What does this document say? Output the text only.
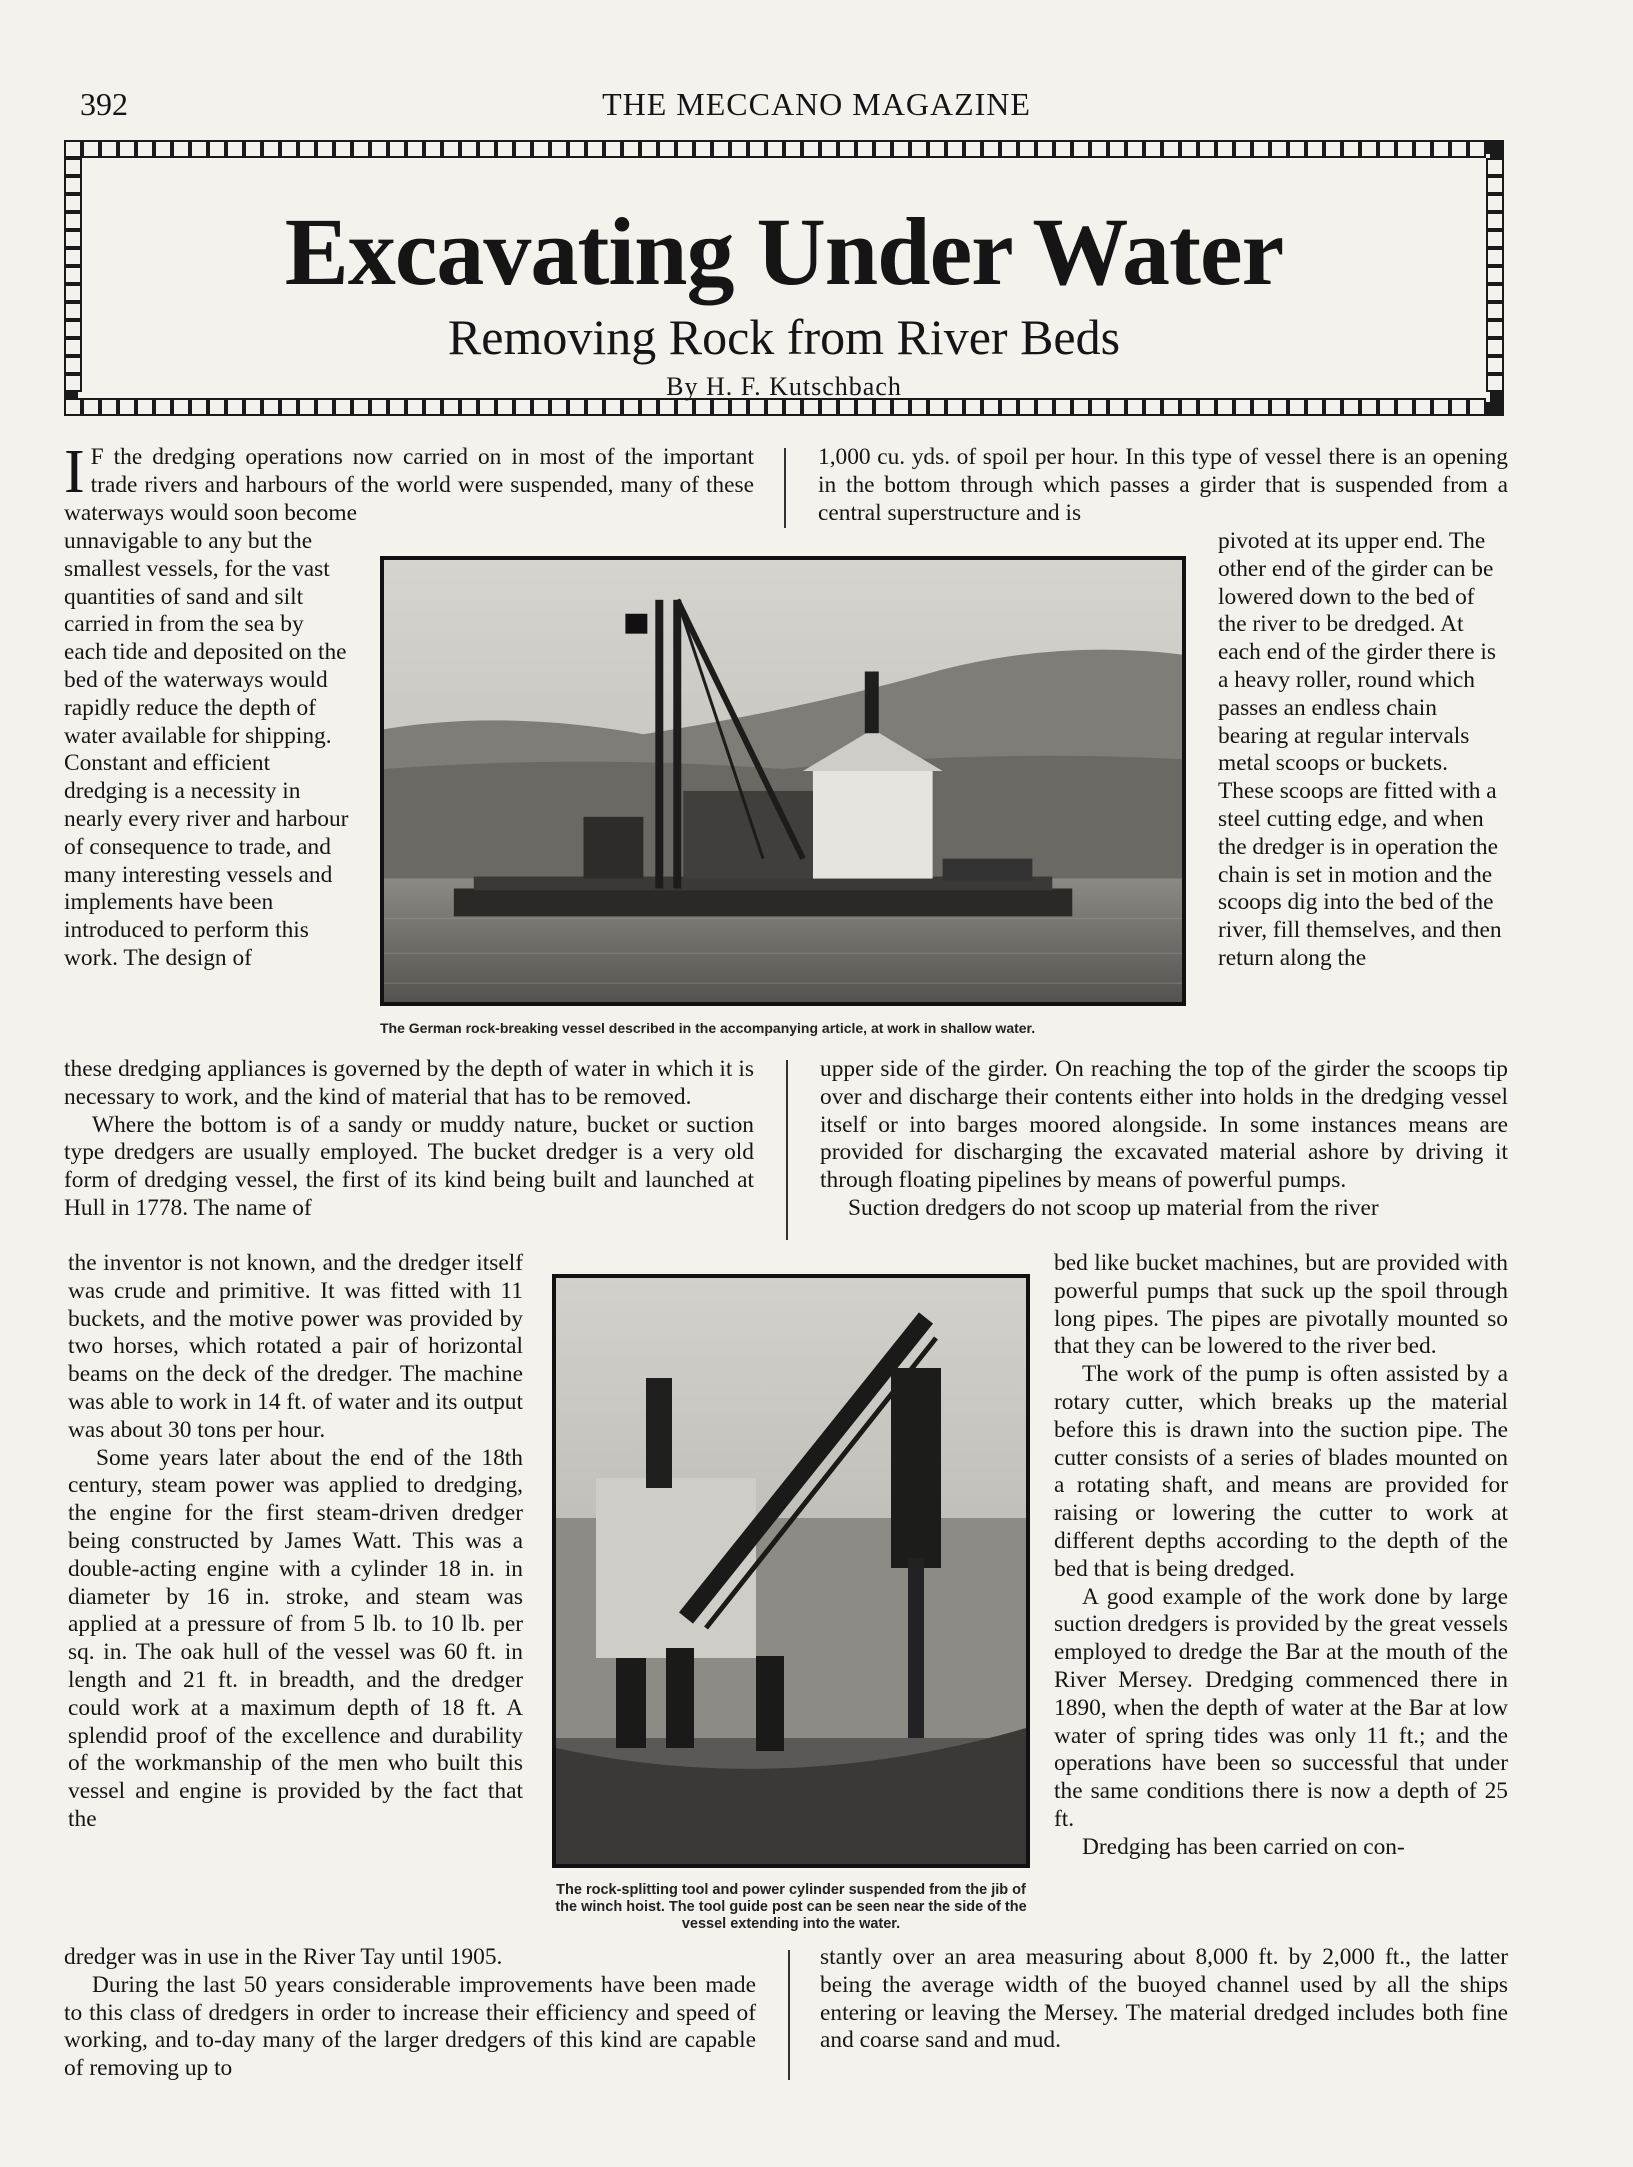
392	THE MECCANO MAGAZINE
Excavating Under Water
Removing Rock from River Beds
By H. F. Kutschbach

I F the dredging operations now carried on in most of the important trade rivers and harbours of the world were suspended, many of these waterways would soon become

unnavigable to any but the smallest vessels, for the vast quantities of sand and silt carried in from the sea by each tide and deposited on the bed of the waterways would rapidly reduce the depth of water available for shipping. Constant and efficient dredging is a necessity in nearly every river and harbour of consequence to trade, and many interesting vessels and implements have been introduced to perform this work. The design of

these dredging appliances is governed by the depth of water in which it is necessary to work, and the kind of material that has to be removed.

Where the bottom is of a sandy or muddy nature, bucket or suction type dredgers are usually employed. The bucket dredger is a very old form of dredging vessel, the first of its kind being built and launched at Hull in 1778. The name of

the inventor is not known, and the dredger itself was crude and primitive. It was fitted with 11 buckets, and the motive power was provided by two horses, which rotated a pair of horizontal beams on the deck of the dredger. The machine was able to work in 14 ft. of water and its output was about 30 tons per hour.

Some years later about the end of the 18th century, steam power was applied to dredging, the engine for the first steam-driven dredger being constructed by James Watt. This was a double-acting engine with a cylinder 18 in. in diameter by 16 in. stroke, and steam was applied at a pressure of from 5 lb. to 10 lb. per sq. in. The oak hull of the vessel was 60 ft. in length and 21 ft. in breadth, and the dredger could work at a maximum depth of 18 ft. A splendid proof of the excellence and durability of the workmanship of the men who built this vessel and engine is provided by the fact that the

dredger was in use in the River Tay until 1905.

During the last 50 years considerable improvements have been made to this class of dredgers in order to increase their efficiency and speed of working, and to-day many of the larger dredgers of this kind are capable of removing up to

1,000 cu. yds. of spoil per hour. In this type of vessel there is an opening in the bottom through which passes a girder that is suspended from a central superstructure and is

pivoted at its upper end. The other end of the girder can be lowered down to the bed of the river to be dredged. At each end of the girder there is a heavy roller, round which passes an endless chain bearing at regular intervals metal scoops or buckets. These scoops are fitted with a steel cutting edge, and when the dredger is in operation the chain is set in motion and the scoops dig into the bed of the river, fill themselves, and then return along the

upper side of the girder. On reaching the top of the girder the scoops tip over and discharge their contents either into holds in the dredging vessel itself or into barges moored alongside. In some instances means are provided for discharging the excavated material ashore by driving it through floating pipelines by means of powerful pumps.

Suction dredgers do not scoop up material from the river

bed like bucket machines, but are provided with powerful pumps that suck up the spoil through long pipes. The pipes are pivotally mounted so that they can be lowered to the river bed.

The work of the pump is often assisted by a rotary cutter, which breaks up the material before this is drawn into the suction pipe. The cutter consists of a series of blades mounted on a rotating shaft, and means are provided for raising or lowering the cutter to work at different depths according to the depth of the bed that is being dredged.

A good example of the work done by large suction dredgers is provided by the great vessels employed to dredge the Bar at the mouth of the River Mersey. Dredging commenced there in 1890, when the depth of water at the Bar at low water of spring tides was only 11 ft.; and the operations have been so successful that under the same conditions there is now a depth of 25 ft.

Dredging has been carried on con-

stantly over an area measuring about 8,000 ft. by 2,000 ft., the latter being the average width of the buoyed channel used by all the ships entering or leaving the Mersey. The material dredged includes both fine and coarse sand and mud.

The German rock-breaking vessel described in the accompanying article, at work in shallow water.
The rock-splitting tool and power cylinder suspended from the jib of the winch hoist. The tool guide post can be seen near the side of the vessel extending into the water.
